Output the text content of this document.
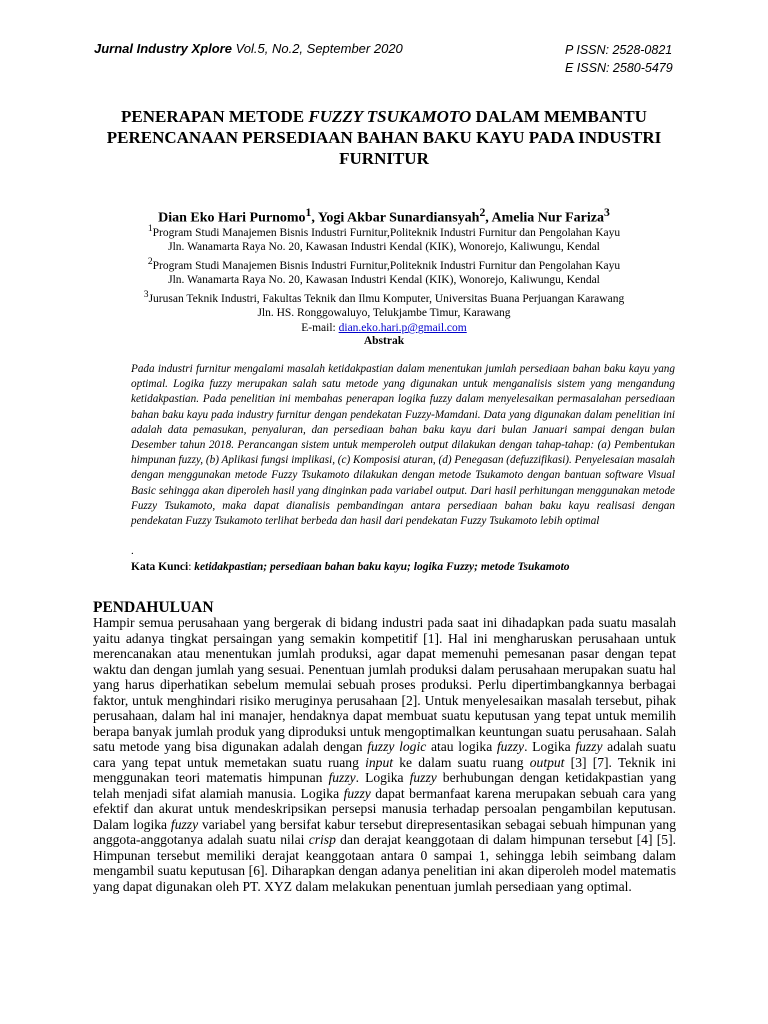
Jurnal Industry Xplore Vol.5, No.2, September 2020	P ISSN: 2528-0821
E ISSN: 2580-5479
PENERAPAN METODE FUZZY TSUKAMOTO DALAM MEMBANTU PERENCANAAN PERSEDIAAN BAHAN BAKU KAYU PADA INDUSTRI FURNITUR
Dian Eko Hari Purnomo$^1$, Yogi Akbar Sunardiansyah$^2$, Amelia Nur Fariza$^3$
$^1$Program Studi Manajemen Bisnis Industri Furnitur,Politeknik Industri Furnitur dan Pengolahan Kayu
Jln. Wanamarta Raya No. 20, Kawasan Industri Kendal (KIK), Wonorejo, Kaliwungu, Kendal
$^2$Program Studi Manajemen Bisnis Industri Furnitur,Politeknik Industri Furnitur dan Pengolahan Kayu
Jln. Wanamarta Raya No. 20, Kawasan Industri Kendal (KIK), Wonorejo, Kaliwungu, Kendal
$^3$Jurusan Teknik Industri, Fakultas Teknik dan Ilmu Komputer, Universitas Buana Perjuangan Karawang
Jln. HS. Ronggowaluyo, Telukjambe Timur, Karawang
E-mail: dian.eko.hari.p@gmail.com
Abstrak

Pada industri furnitur mengalami masalah ketidakpastian dalam menentukan jumlah persediaan bahan baku kayu yang optimal. Logika fuzzy merupakan salah satu metode yang digunakan untuk menganalisis sistem yang mengandung ketidakpastian. Pada penelitian ini membahas penerapan logika fuzzy dalam menyelesaikan permasalahan persediaan bahan baku kayu pada industry furnitur dengan pendekatan Fuzzy-Mamdani. Data yang digunakan dalam penelitian ini adalah data pemasukan, penyaluran, dan persediaan bahan baku kayu dari bulan Januari sampai dengan bulan Desember tahun 2018. Perancangan sistem untuk memperoleh output dilakukan dengan tahap-tahap: (a) Pembentukan himpunan fuzzy, (b) Aplikasi fungsi implikasi, (c) Komposisi aturan, (d) Penegasan (defuzzifikasi). Penyelesaian masalah dengan menggunakan metode Fuzzy Tsukamoto dilakukan dengan metode Tsukamoto dengan bantuan software Visual Basic sehingga akan diperoleh hasil yang dinginkan pada variabel output. Dari hasil perhitungan menggunakan metode Fuzzy Tsukamoto, maka dapat dianalisis pembandingan antara persediaan bahan baku kayu realisasi dengan pendekatan Fuzzy Tsukamoto terlihat berbeda dan hasil dari pendekatan Fuzzy Tsukamoto lebih optimal

.
Kata Kunci: ketidakpastian; persediaan bahan baku kayu; logika Fuzzy; metode Tsukamoto
PENDAHULUAN

Hampir semua perusahaan yang bergerak di bidang industri pada saat ini dihadapkan pada suatu masalah yaitu adanya tingkat persaingan yang semakin kompetitif [1]. Hal ini mengharuskan perusahaan untuk merencanakan atau menentukan jumlah produksi, agar dapat memenuhi pemesanan pasar dengan tepat waktu dan dengan jumlah yang sesuai. Penentuan jumlah produksi dalam perusahaan merupakan suatu hal yang harus diperhatikan sebelum memulai sebuah proses produksi. Perlu dipertimbangkannya berbagai faktor, untuk menghindari risiko meruginya perusahaan [2]. Untuk menyelesaikan masalah tersebut, pihak perusahaan, dalam hal ini manajer, hendaknya dapat membuat suatu keputusan yang tepat untuk memilih berapa banyak jumlah produk yang diproduksi untuk mengoptimalkan keuntungan suatu perusahaan. Salah satu metode yang bisa digunakan adalah dengan fuzzy logic atau logika fuzzy. Logika fuzzy adalah suatu cara yang tepat untuk memetakan suatu ruang input ke dalam suatu ruang output [3] [7]. Teknik ini menggunakan teori matematis himpunan fuzzy. Logika fuzzy berhubungan dengan ketidakpastian yang telah menjadi sifat alamiah manusia. Logika fuzzy dapat bermanfaat karena merupakan sebuah cara yang efektif dan akurat untuk mendeskripsikan persepsi manusia terhadap persoalan pengambilan keputusan. Dalam logika fuzzy variabel yang bersifat kabur tersebut direpresentasikan sebagai sebuah himpunan yang anggota-anggotanya adalah suatu nilai crisp dan derajat keanggotaan di dalam himpunan tersebut [4] [5]. Himpunan tersebut memiliki derajat keanggotaan antara 0 sampai 1, sehingga lebih seimbang dalam mengambil suatu keputusan [6]. Diharapkan dengan adanya penelitian ini akan diperoleh model matematis yang dapat digunakan oleh PT. XYZ dalam melakukan penentuan jumlah persediaan yang optimal.
